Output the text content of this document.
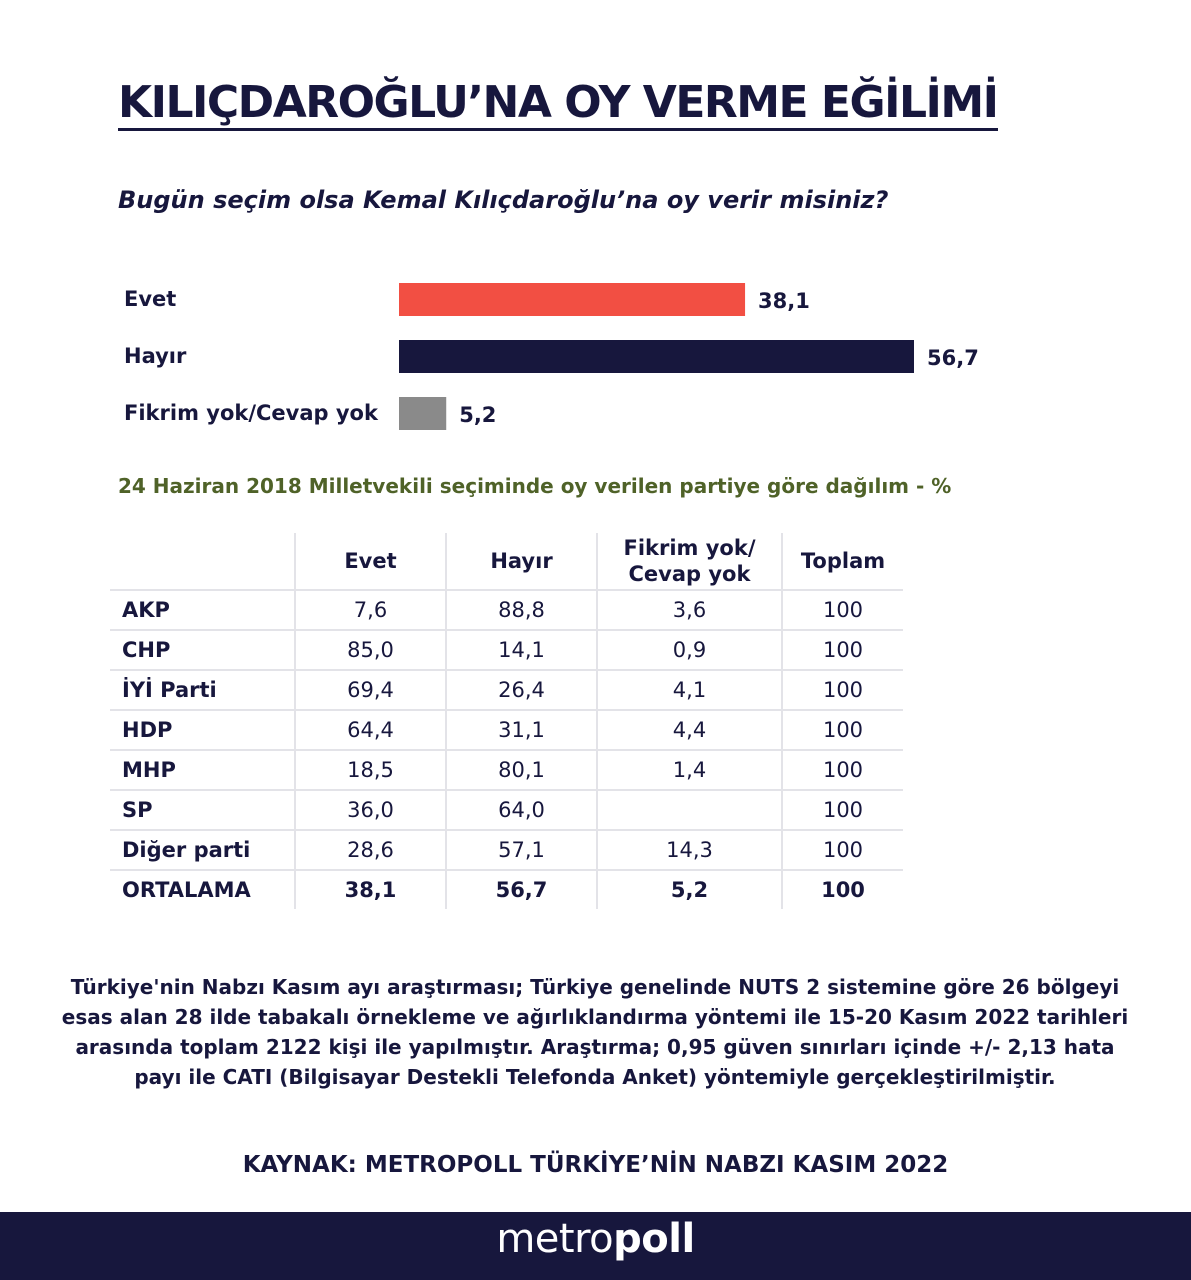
KILIÇDAROĞLU’NA OY VERME EĞİLİMİ
Bugün seçim olsa Kemal Kılıçdaroğlu’na oy verir misiniz?
Evet	38,1
Hayır	56,7
Fikrim yok/Cevap yok	5,2
24 Haziran 2018 Milletvekili seçiminde oy verilen partiye göre dağılım - %
	Evet	Hayır	Fikrim yok/
Cevap yok	Toplam
AKP	7,6	88,8	3,6	100
CHP	85,0	14,1	0,9	100
İYİ Parti	69,4	26,4	4,1	100
HDP	64,4	31,1	4,4	100
MHP	18,5	80,1	1,4	100
SP	36,0	64,0		100
Diğer parti	28,6	57,1	14,3	100
ORTALAMA	38,1	56,7	5,2	100
Türkiye'nin Nabzı Kasım ayı araştırması; Türkiye genelinde NUTS 2 sistemine göre 26 bölgeyi esas alan 28 ilde tabakalı örnekleme ve ağırlıklandırma yöntemi ile 15-20 Kasım 2022 tarihleri arasında toplam 2122 kişi ile yapılmıştır. Araştırma; 0,95 güven sınırları içinde +/- 2,13 hata payı ile CATI (Bilgisayar Destekli Telefonda Anket) yöntemiyle gerçekleştirilmiştir.
KAYNAK: METROPOLL TÜRKİYE’NİN NABZI KASIM 2022
metropoll
